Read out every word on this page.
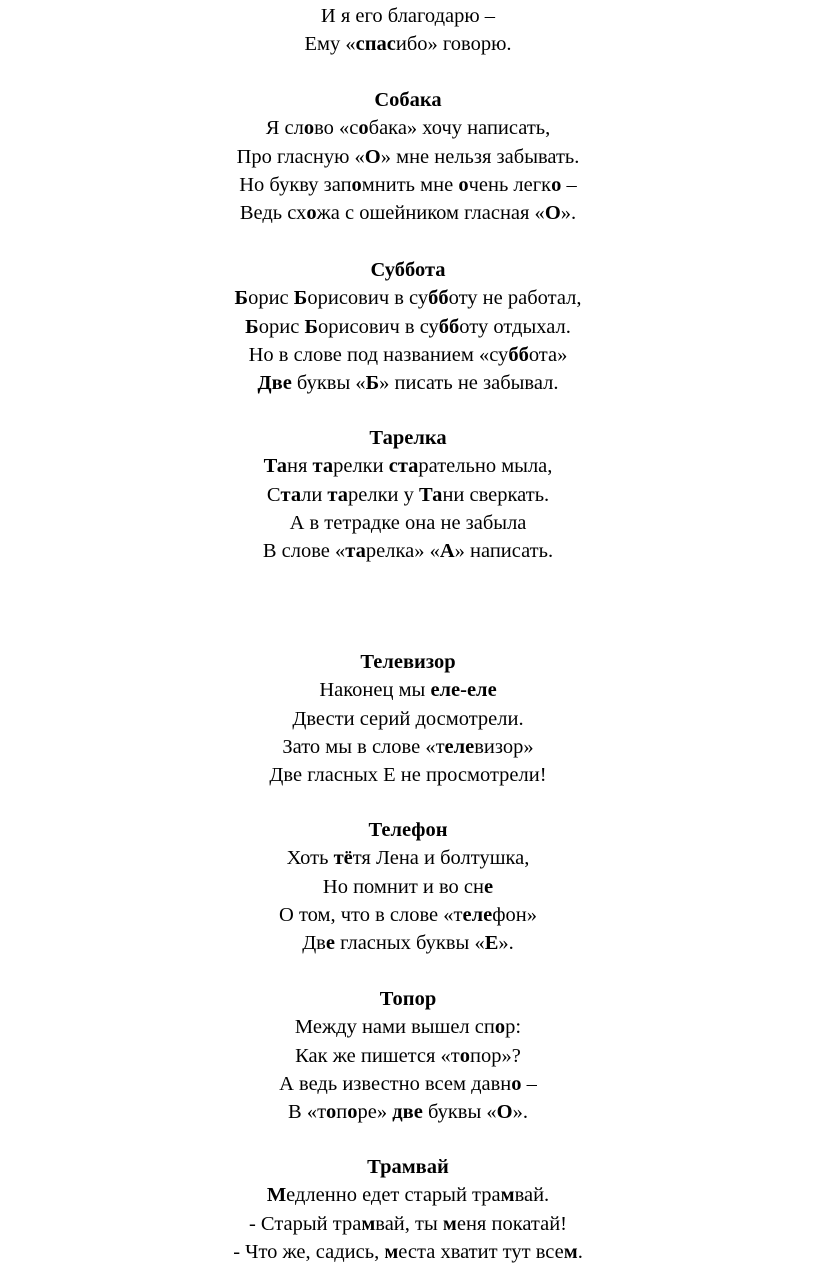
И я его благодарю –
Ему «спасибо» говорю.
Собака
Я слово «собака» хочу написать,
Про гласную «О» мне нельзя забывать.
Но букву запомнить мне очень легко –
Ведь схожа с ошейником гласная «О».
Суббота
Борис Борисович в субботу не работал,
Борис Борисович в субботу отдыхал.
Но в слове под названием «суббота»
Две буквы «Б» писать не забывал.
Тарелка
Таня тарелки старательно мыла,
Стали тарелки у Тани сверкать.
А в тетрадке она не забыла
В слове «тарелка» «А» написать.
Телевизор
Наконец мы еле-еле
Двести серий досмотрели.
Зато мы в слове «телевизор»
Две гласных Е не просмотрели!
Телефон
Хоть тётя Лена и болтушка,
Но помнит и во сне
О том, что в слове «телефон»
Две гласных буквы «Е».
Топор
Между нами вышел спор:
Как же пишется «топор»?
А ведь известно всем давно –
В «топоре» две буквы «О».
Трамвай
Медленно едет старый трамвай.
- Старый трамвай, ты меня покатай!
- Что же, садись, места хватит тут всем.
